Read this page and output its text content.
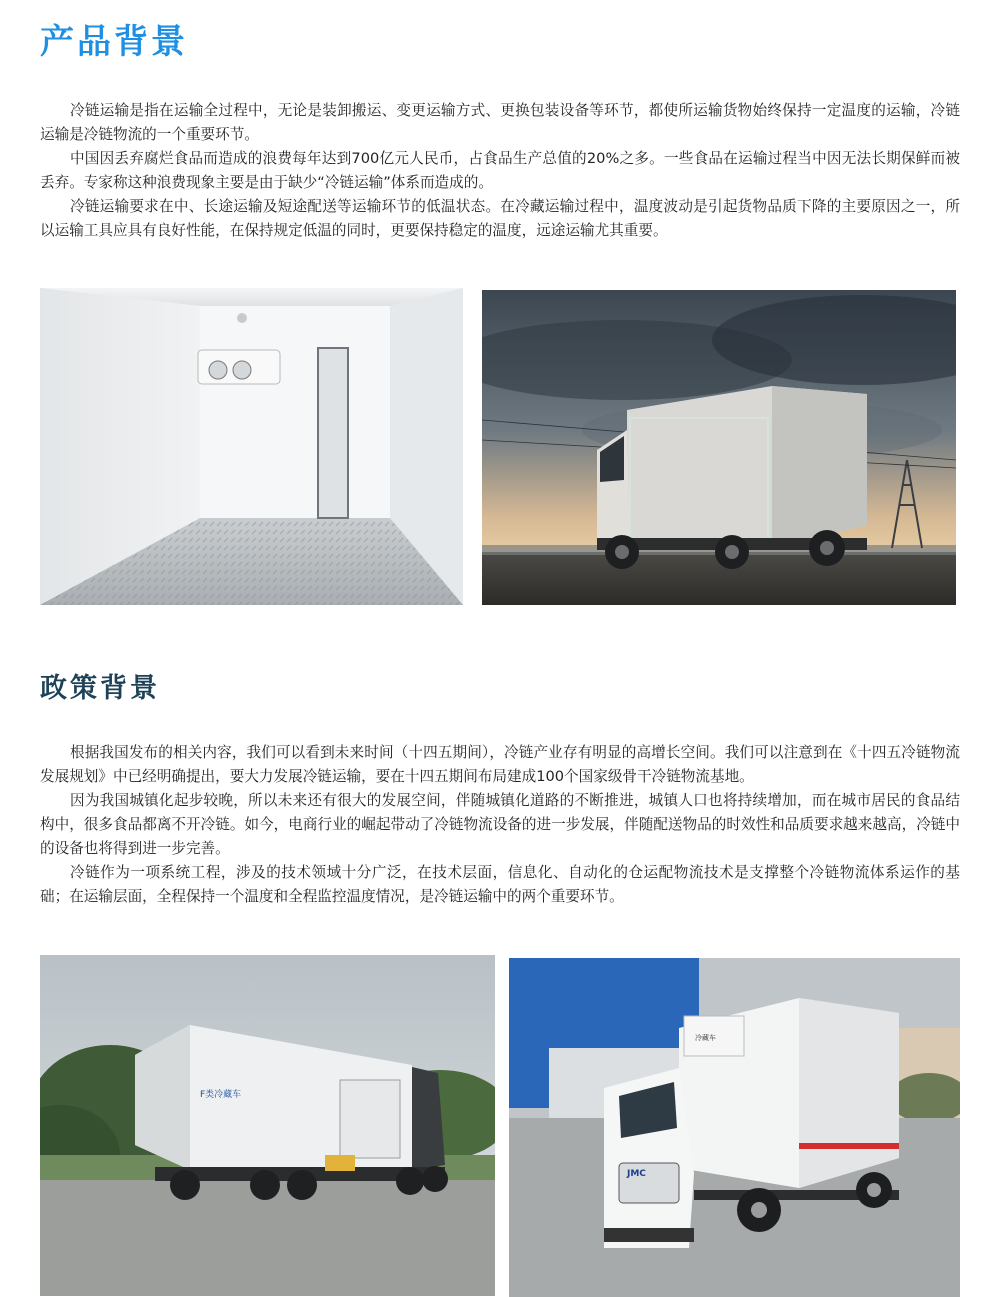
产品背景

冷链运输是指在运输全过程中，无论是装卸搬运、变更运输方式、更换包装设备等环节，都使所运输货物始终保持一定温度的运输，冷链运输是冷链物流的一个重要环节。

中国因丢弃腐烂食品而造成的浪费每年达到700亿元人民币，占食品生产总值的20%之多。一些食品在运输过程当中因无法长期保鲜而被丢弃。专家称这种浪费现象主要是由于缺少“冷链运输”体系而造成的。

冷链运输要求在中、长途运输及短途配送等运输环节的低温状态。在冷藏运输过程中，温度波动是引起货物品质下降的主要原因之一，所以运输工具应具有良好性能，在保持规定低温的同时，更要保持稳定的温度，远途运输尤其重要。

政策背景

根据我国发布的相关内容，我们可以看到未来时间（十四五期间），冷链产业存有明显的高增长空间。我们可以注意到在《十四五冷链物流发展规划》中已经明确提出，要大力发展冷链运输，要在十四五期间布局建成100个国家级骨干冷链物流基地。

因为我国城镇化起步较晚，所以未来还有很大的发展空间，伴随城镇化道路的不断推进，城镇人口也将持续增加，而在城市居民的食品结构中，很多食品都离不开冷链。如今，电商行业的崛起带动了冷链物流设备的进一步发展，伴随配送物品的时效性和品质要求越来越高，冷链中的设备也将得到进一步完善。

冷链作为一项系统工程，涉及的技术领域十分广泛，在技术层面，信息化、自动化的仓运配物流技术是支撑整个冷链物流体系运作的基础；在运输层面，全程保持一个温度和全程监控温度情况，是冷链运输中的两个重要环节。

F类冷藏车
冷藏车
JMC
